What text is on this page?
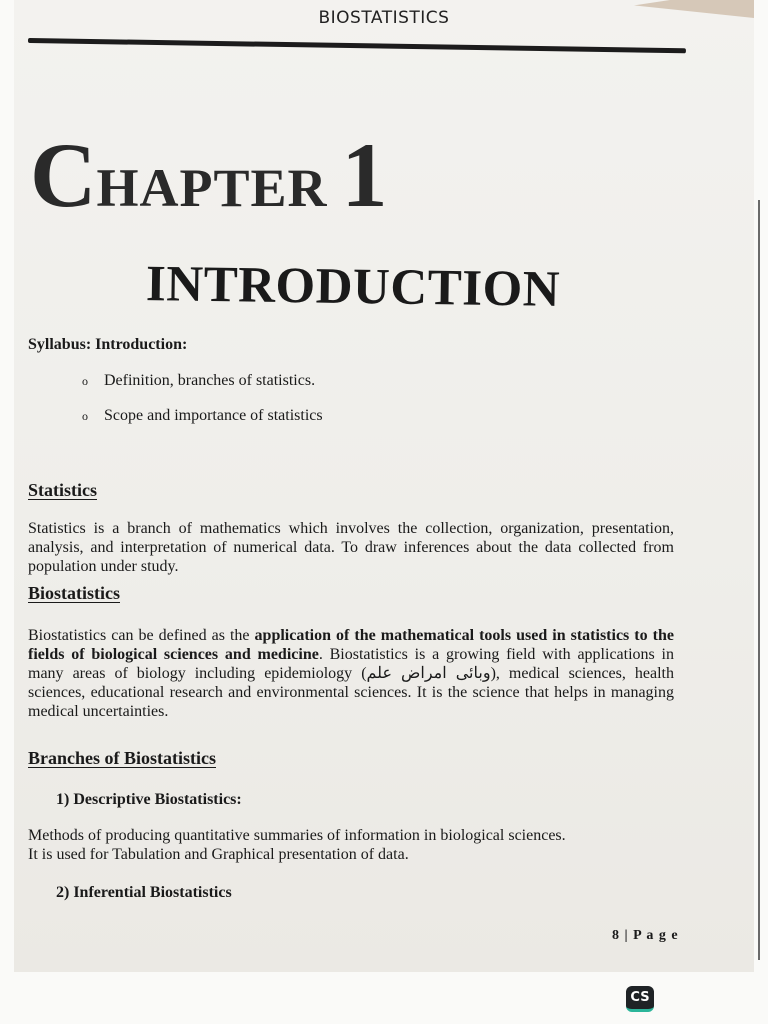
BIOSTATISTICS
CHAPTER 1
INTRODUCTION
Syllabus: Introduction:
o Definition, branches of statistics.
o Scope and importance of statistics
Statistics
Statistics is a branch of mathematics which involves the collection, organization, presentation, analysis, and interpretation of numerical data. To draw inferences about the data collected from population under study.
Biostatistics
Biostatistics can be defined as the application of the mathematical tools used in statistics to the fields of biological sciences and medicine. Biostatistics is a growing field with applications in many areas of biology including epidemiology (وبائی امراض علم), medical sciences, health sciences, educational research and environmental sciences. It is the science that helps in managing medical uncertainties.
Branches of Biostatistics
1) Descriptive Biostatistics:
Methods of producing quantitative summaries of information in biological sciences.
It is used for Tabulation and Graphical presentation of data.
2) Inferential Biostatistics
8 | P a g e
CS
